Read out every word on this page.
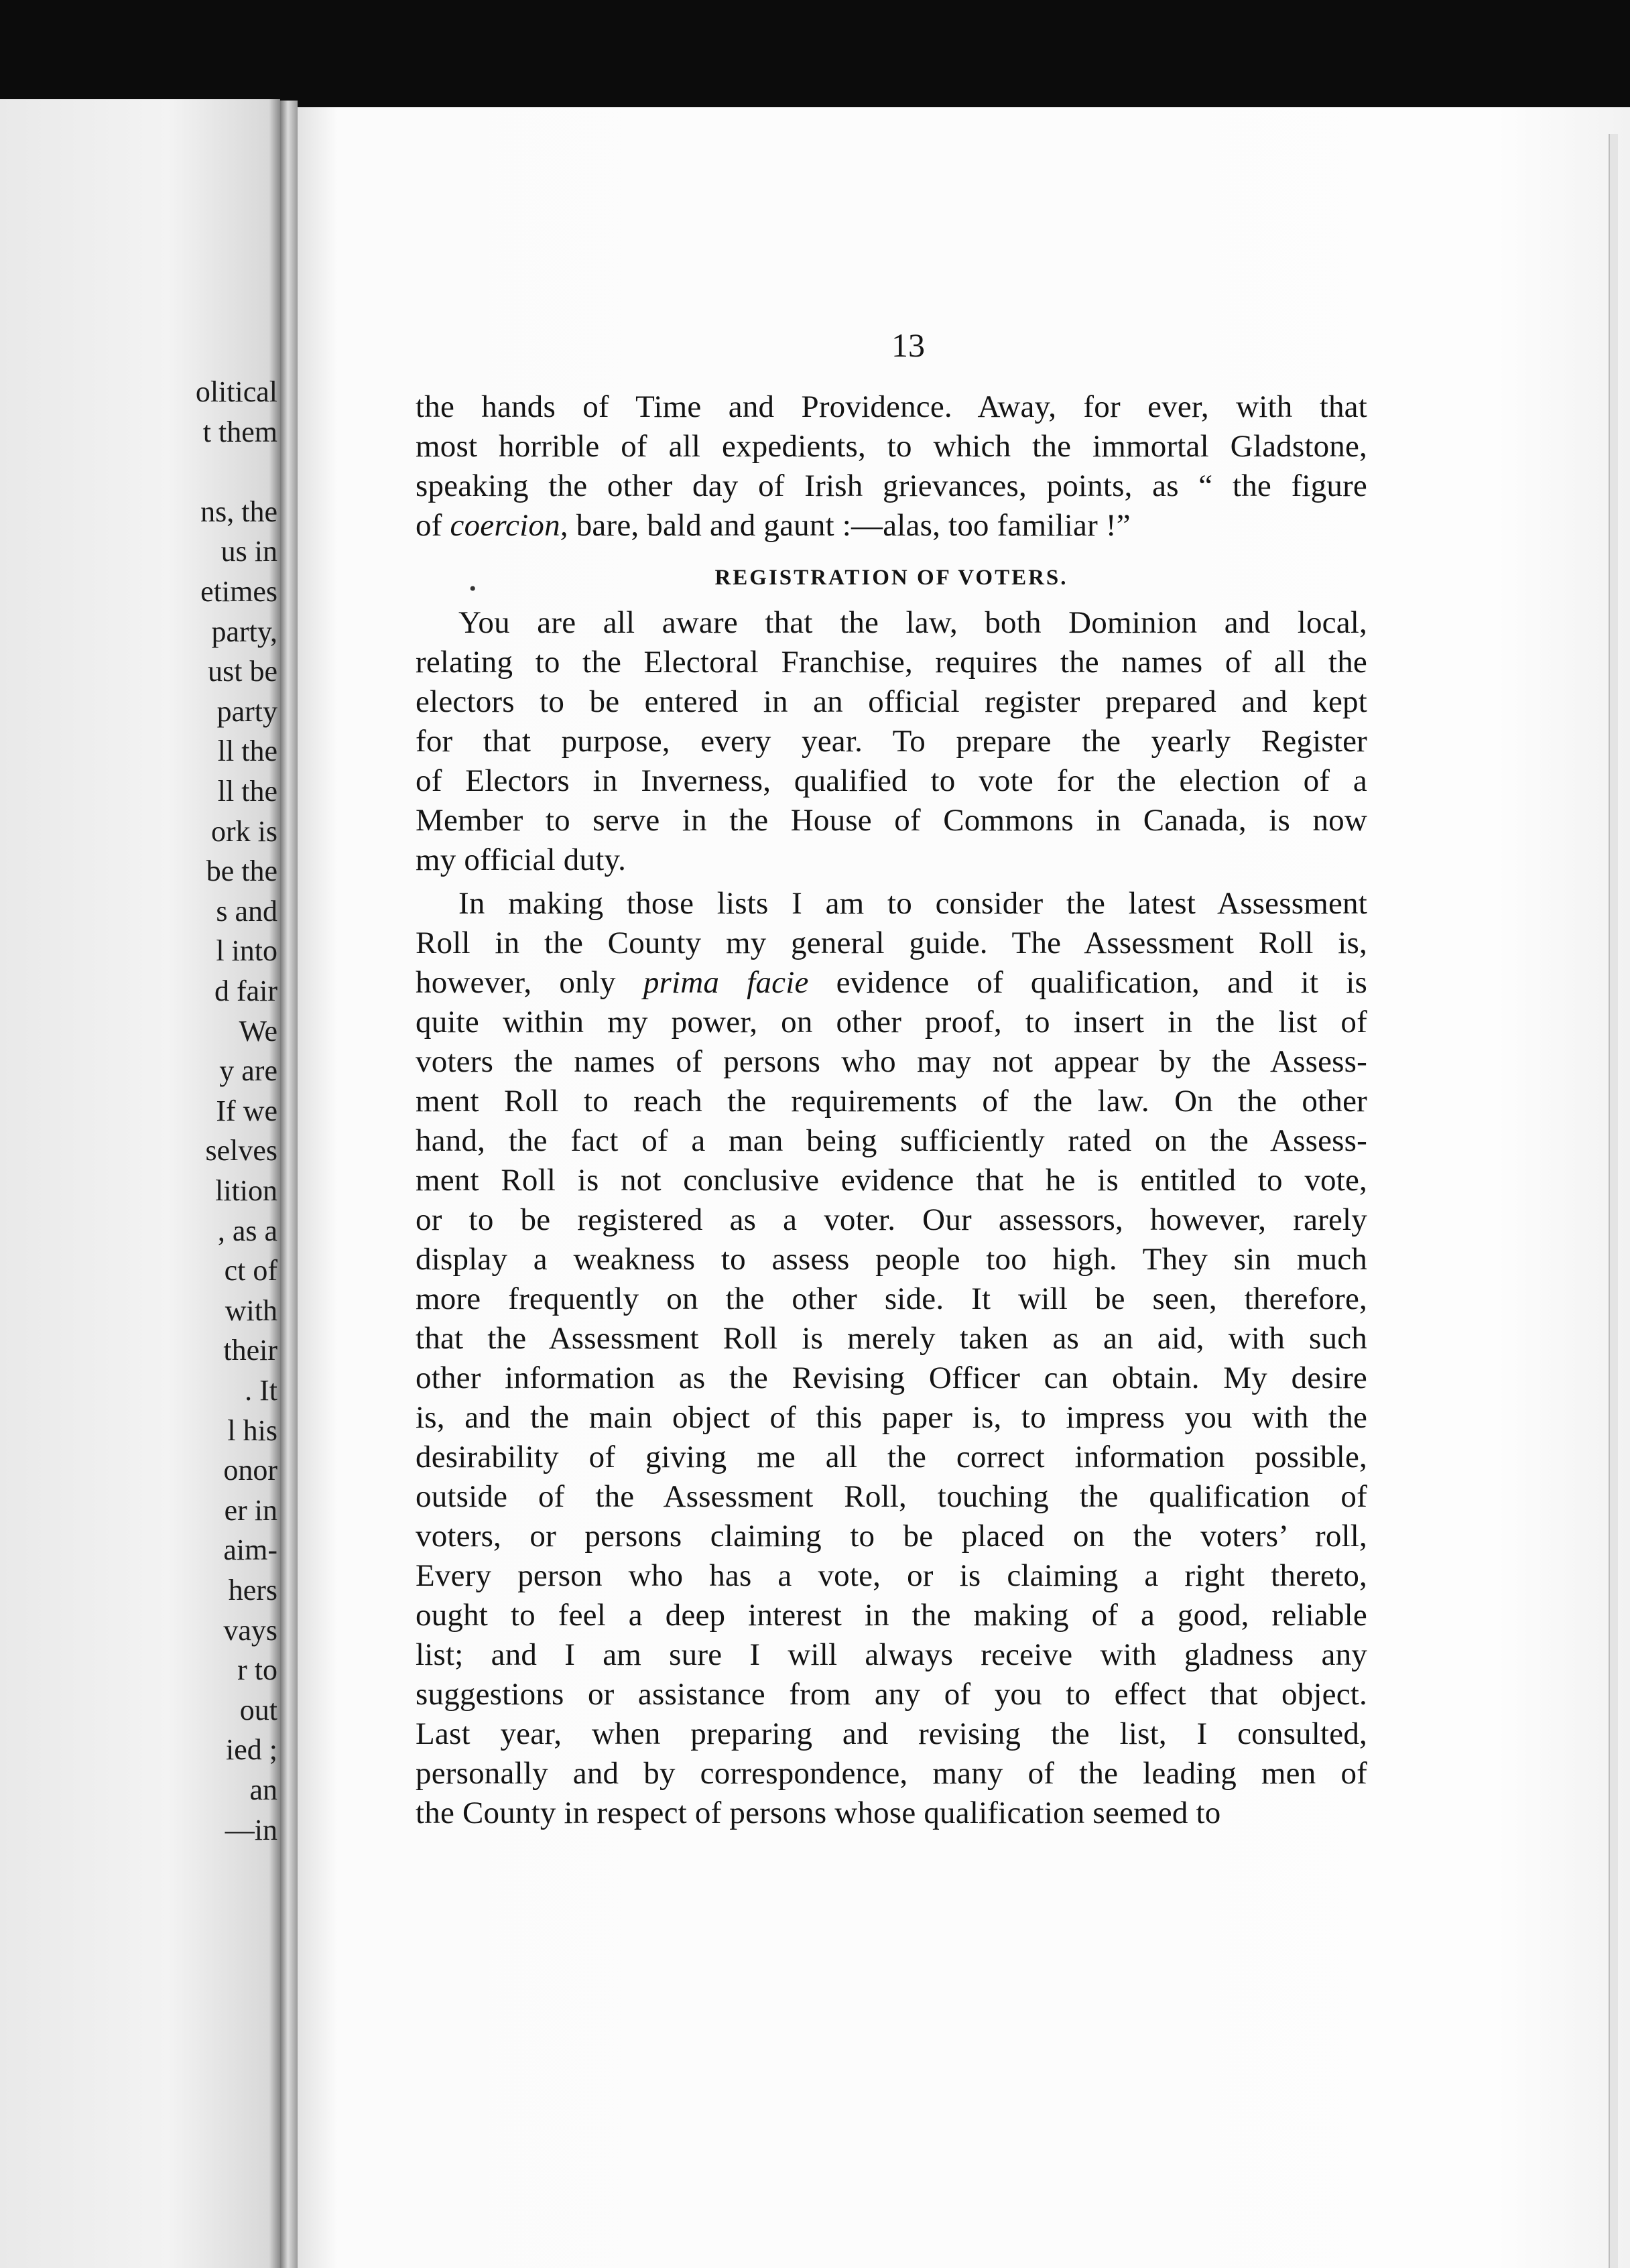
olitical
t them
ns, the
us in
etimes
party,
ust be
party
ll the
ll the
ork is
be the
s and
l into
d fair
We
y are
If we
selves
lition
, as a
ct of
with
their
. It
l his
onor
er in
aim-
hers
vays
r to
out
ied ;
an
—in
13
the hands of Time and Providence. Away, for ever, with that
most horrible of all expedients, to which the immortal Gladstone,
speaking the other day of Irish grievances, points, as “ the figure
of coercion, bare, bald and gaunt :—alas, too familiar !”
REGISTRATION OF VOTERS.
You are all aware that the law, both Dominion and local,
relating to the Electoral Franchise, requires the names of all the
electors to be entered in an official register prepared and kept
for that purpose, every year. To prepare the yearly Register
of Electors in Inverness, qualified to vote for the election of a
Member to serve in the House of Commons in Canada, is now
my official duty.
In making those lists I am to consider the latest Assessment
Roll in the County my general guide. The Assessment Roll is,
however, only prima facie evidence of qualification, and it is
quite within my power, on other proof, to insert in the list of
voters the names of persons who may not appear by the Assess-
ment Roll to reach the requirements of the law. On the other
hand, the fact of a man being sufficiently rated on the Assess-
ment Roll is not conclusive evidence that he is entitled to vote,
or to be registered as a voter. Our assessors, however, rarely
display a weakness to assess people too high. They sin much
more frequently on the other side. It will be seen, therefore,
that the Assessment Roll is merely taken as an aid, with such
other information as the Revising Officer can obtain. My desire
is, and the main object of this paper is, to impress you with the
desirability of giving me all the correct information possible,
outside of the Assessment Roll, touching the qualification of
voters, or persons claiming to be placed on the voters’ roll,
Every person who has a vote, or is claiming a right thereto,
ought to feel a deep interest in the making of a good, reliable
list; and I am sure I will always receive with gladness any
suggestions or assistance from any of you to effect that object.
Last year, when preparing and revising the list, I consulted,
personally and by correspondence, many of the leading men of
the County in respect of persons whose qualification seemed to
•
